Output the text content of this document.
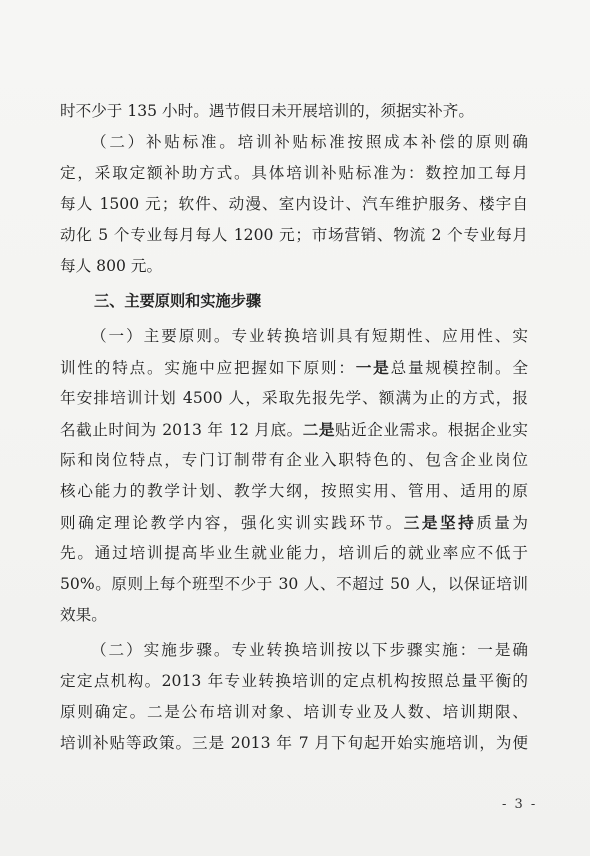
时不少于 135 小时。遇节假日未开展培训的，须据实补齐。
（二）补贴标准。培训补贴标准按照成本补偿的原则确
定，采取定额补助方式。具体培训补贴标准为：数控加工每月
每人 1500 元；软件、动漫、室内设计、汽车维护服务、楼宇自
动化 5 个专业每月每人 1200 元；市场营销、物流 2 个专业每月
每人 800 元。
三、主要原则和实施步骤
（一）主要原则。专业转换培训具有短期性、应用性、实
训性的特点。实施中应把握如下原则：一是总量规模控制。全
年安排培训计划 4500 人，采取先报先学、额满为止的方式，报
名截止时间为 2013 年 12 月底。二是贴近企业需求。根据企业实
际和岗位特点，专门订制带有企业入职特色的、包含企业岗位
核心能力的教学计划、教学大纲，按照实用、管用、适用的原
则确定理论教学内容，强化实训实践环节。三是坚持质量为
先。通过培训提高毕业生就业能力，培训后的就业率应不低于
50%。原则上每个班型不少于 30 人、不超过 50 人，以保证培训
效果。
（二）实施步骤。专业转换培训按以下步骤实施：一是确
定定点机构。2013 年专业转换培训的定点机构按照总量平衡的
原则确定。二是公布培训对象、培训专业及人数、培训期限、
培训补贴等政策。三是 2013 年 7 月下旬起开始实施培训，为便
- 3 -
